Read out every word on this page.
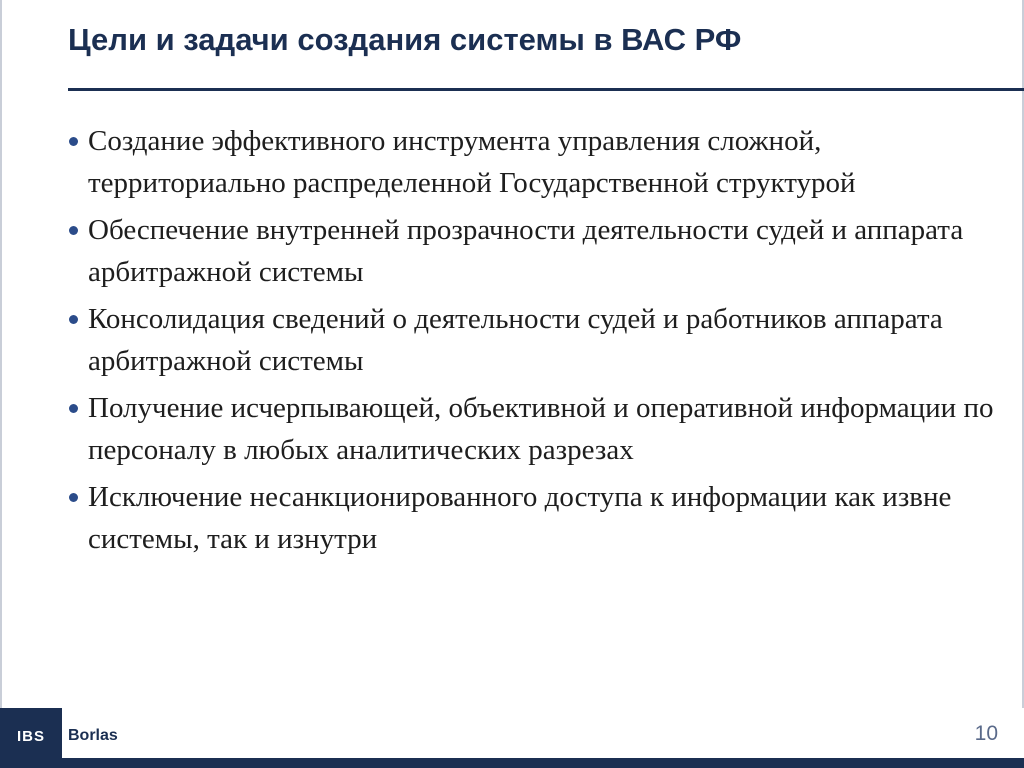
Цели и задачи создания системы в ВАС РФ
Создание эффективного инструмента управления сложной, территориально распределенной Государственной структурой
Обеспечение внутренней прозрачности деятельности судей и аппарата арбитражной системы
Консолидация сведений о деятельности судей и работников аппарата арбитражной системы
Получение исчерпывающей, объективной и оперативной информации по персоналу в любых аналитических разрезах
Исключение несанкционированного доступа к информации как извне системы, так и изнутри
IBS	Borlas	10
